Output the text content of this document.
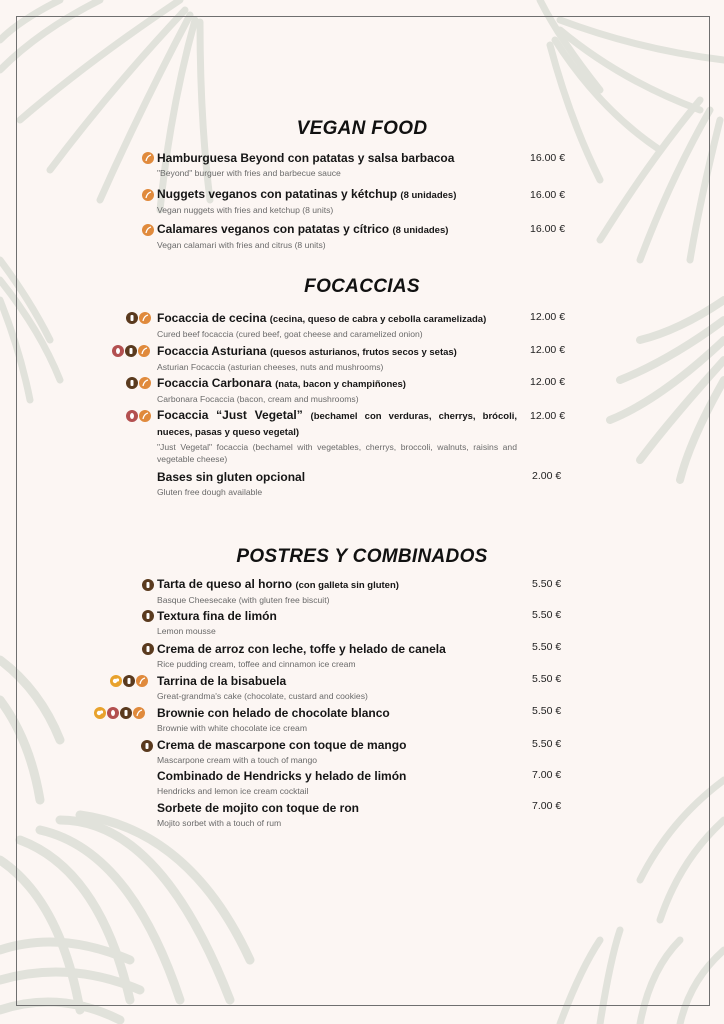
VEGAN FOOD
Hamburguesa Beyond con patatas y salsa barbacoa
"Beyond" burguer with fries and barbecue sauce
16.00 €
Nuggets veganos con patatinas y kétchup (8 unidades)
Vegan nuggets with fries and ketchup (8 units)
16.00 €
Calamares veganos con patatas y cítrico (8 unidades)
Vegan calamari with fries and citrus (8 units)
16.00 €
FOCACCIAS
Focaccia de cecina (cecina, queso de cabra y cebolla caramelizada)
Cured beef focaccia (cured beef, goat cheese and caramelized onion)
12.00 €
Focaccia Asturiana (quesos asturianos, frutos secos y setas)
Asturian Focaccia (asturian cheeses, nuts and mushrooms)
12.00 €
Focaccia Carbonara (nata, bacon y champiñones)
Carbonara Focaccia (bacon, cream and mushrooms)
12.00 €
Focaccia “Just Vegetal” (bechamel con verduras, cherrys, brócoli, nueces, pasas y queso vegetal)
"Just Vegetal" focaccia (bechamel with vegetables, cherrys, broccoli, walnuts, raisins and vegetable cheese)
12.00 €
Bases sin gluten opcional
Gluten free dough available
2.00 €
POSTRES Y COMBINADOS
Tarta de queso al horno (con galleta sin gluten)
Basque Cheesecake (with gluten free biscuit)
5.50 €
Textura fina de limón
Lemon mousse
5.50 €
Crema de arroz con leche, toffe y helado de canela
Rice pudding cream, toffee and cinnamon ice cream
5.50 €
Tarrina de la bisabuela
Great-grandma's cake (chocolate, custard and cookies)
5.50 €
Brownie con helado de chocolate blanco
Brownie with white chocolate ice cream
5.50 €
Crema de mascarpone con toque de mango
Mascarpone cream with a touch of mango
5.50 €
Combinado de Hendricks y helado de limón
Hendricks and lemon ice cream cocktail
7.00 €
Sorbete de mojito con toque de ron
Mojito sorbet with a touch of rum
7.00 €
